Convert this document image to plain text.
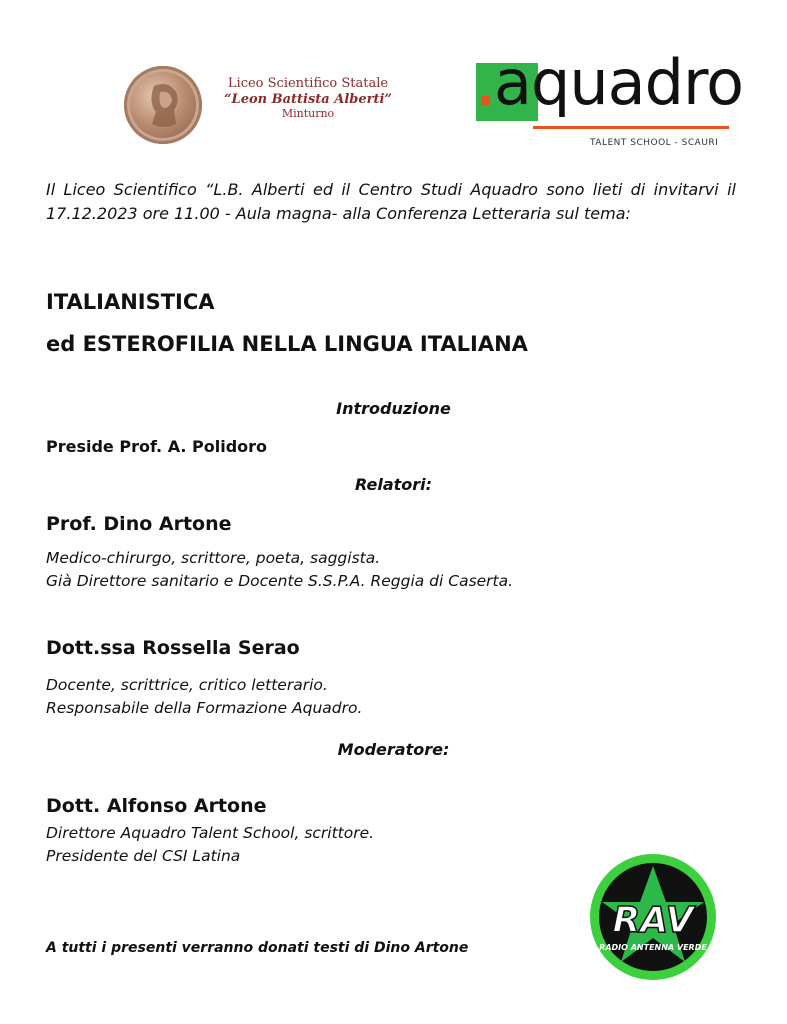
Liceo Scientifico Statale
“Leon Battista Alberti”
Minturno	aquadro
TALENT SCHOOL - SCAURI
Il Liceo Scientifico “L.B. Alberti ed il Centro Studi Aquadro sono lieti di invitarvi il 17.12.2023 ore 11.00 - Aula magna- alla Conferenza Letteraria sul tema:
ITALIANISTICA
ed ESTEROFILIA NELLA LINGUA ITALIANA
Introduzione
Preside Prof. A. Polidoro
Relatori:
Prof. Dino Artone
Medico-chirurgo, scrittore, poeta, saggista.
Già Direttore sanitario e Docente S.S.P.A. Reggia di Caserta.
Dott.ssa Rossella Serao
Docente, scrittrice, critico letterario.
Responsabile della Formazione Aquadro.
Moderatore:
Dott. Alfonso Artone
Direttore Aquadro Talent School, scrittore.
Presidente del CSI Latina
A tutti i presenti verranno donati testi di Dino Artone
RAV
RADIO ANTENNA VERDE
